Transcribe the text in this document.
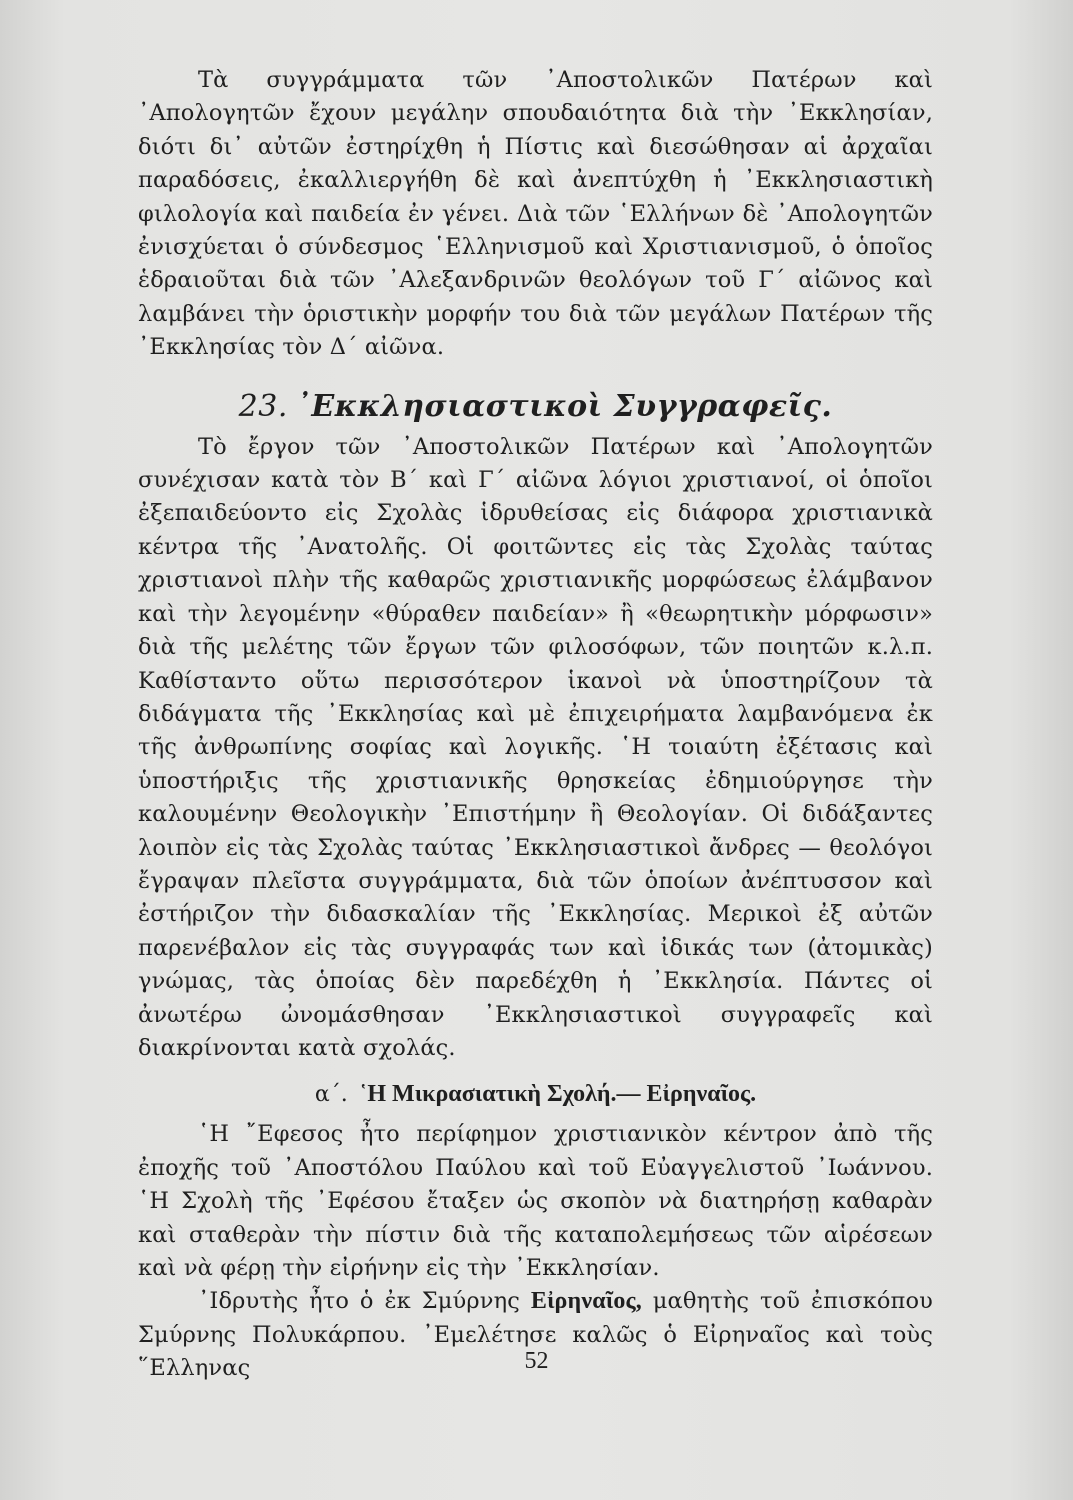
Τὰ συγγράμματα τῶν ᾿Αποστολικῶν Πατέρων καὶ ᾿Απολογητῶν ἔχουν μεγάλην σπουδαιότητα διὰ τὴν ᾿Εκκλησίαν, διότι δι᾿ αὐτῶν ἐστηρίχθη ἡ Πίστις καὶ διεσώθησαν αἱ ἀρχαῖαι παραδόσεις, ἐκαλλιεργήθη δὲ καὶ ἀνεπτύχθη ἡ ᾿Εκκλησιαστικὴ φιλολογία καὶ παιδεία ἐν γένει. Διὰ τῶν ῾Ελλήνων δὲ ᾿Απολογητῶν ἐνισχύεται ὁ σύνδεσμος ῾Ελληνισμοῦ καὶ Χριστιανισμοῦ, ὁ ὁποῖος ἑδραιοῦται διὰ τῶν ᾿Αλεξανδρινῶν θεολόγων τοῦ Γ΄ αἰῶνος καὶ λαμβάνει τὴν ὁριστικὴν μορφήν του διὰ τῶν μεγάλων Πατέρων τῆς ᾿Εκκλησίας τὸν Δ΄ αἰῶνα.

23. ᾿Εκκλησιαστικοὶ Συγγραφεῖς.

Τὸ ἔργον τῶν ᾿Αποστολικῶν Πατέρων καὶ ᾿Απολογητῶν συνέχισαν κατὰ τὸν Β΄ καὶ Γ΄ αἰῶνα λόγιοι χριστιανοί, οἱ ὁποῖοι ἐξεπαιδεύοντο εἰς Σχολὰς ἱδρυθείσας εἰς διάφορα χριστιανικὰ κέντρα τῆς ᾿Ανατολῆς. Οἱ φοιτῶντες εἰς τὰς Σχολὰς ταύτας χριστιανοὶ πλὴν τῆς καθαρῶς χριστιανικῆς μορφώσεως ἐλάμβανον καὶ τὴν λεγομένην «θύραθεν παιδείαν» ἢ «θεωρητικὴν μόρφωσιν» διὰ τῆς μελέτης τῶν ἔργων τῶν φιλοσόφων, τῶν ποιητῶν κ.λ.π. Καθίσταντο οὕτω περισσότερον ἱκανοὶ νὰ ὑποστηρίζουν τὰ διδάγματα τῆς ᾿Εκκλησίας καὶ μὲ ἐπιχειρήματα λαμβανόμενα ἐκ τῆς ἀνθρωπίνης σοφίας καὶ λογικῆς. ῾Η τοιαύτη ἐξέτασις καὶ ὑποστήριξις τῆς χριστιανικῆς θρησκείας ἐδημιούργησε τὴν καλουμένην Θεολογικὴν ᾿Επιστήμην ἢ Θεολογίαν. Οἱ διδάξαντες λοιπὸν εἰς τὰς Σχολὰς ταύτας ᾿Εκκλησιαστικοὶ ἄνδρες — θεολόγοι ἔγραψαν πλεῖστα συγγράμματα, διὰ τῶν ὁποίων ἀνέπτυσσον καὶ ἐστήριζον τὴν διδασκαλίαν τῆς ᾿Εκκλησίας. Μερικοὶ ἐξ αὐτῶν παρενέβαλον εἰς τὰς συγγραφάς των καὶ ἰδικάς των (ἀτομικὰς) γνώμας, τὰς ὁποίας δὲν παρεδέχθη ἡ ᾿Εκκλησία. Πάντες οἱ ἀνωτέρω ὠνομάσθησαν ᾿Εκκλησιαστικοὶ συγγραφεῖς καὶ διακρίνονται κατὰ σχολάς.

α΄. ῾Η Μικρασιατικὴ Σχολή.— Εἰρηναῖος.

῾Η ῎Εφεσος ἦτο περίφημον χριστιανικὸν κέντρον ἀπὸ τῆς ἐποχῆς τοῦ ᾿Αποστόλου Παύλου καὶ τοῦ Εὐαγγελιστοῦ ᾿Ιωάννου. ῾Η Σχολὴ τῆς ᾿Εφέσου ἔταξεν ὡς σκοπὸν νὰ διατηρήσῃ καθαρὰν καὶ σταθερὰν τὴν πίστιν διὰ τῆς καταπολεμήσεως τῶν αἱρέσεων καὶ νὰ φέρῃ τὴν εἰρήνην εἰς τὴν ᾿Εκκλησίαν.

᾿Ιδρυτὴς ἦτο ὁ ἐκ Σμύρνης Εἰρηναῖος, μαθητὴς τοῦ ἐπισκόπου Σμύρνης Πολυκάρπου. ᾿Εμελέτησε καλῶς ὁ Εἰρηναῖος καὶ τοὺς ῞Ελληνας	52
